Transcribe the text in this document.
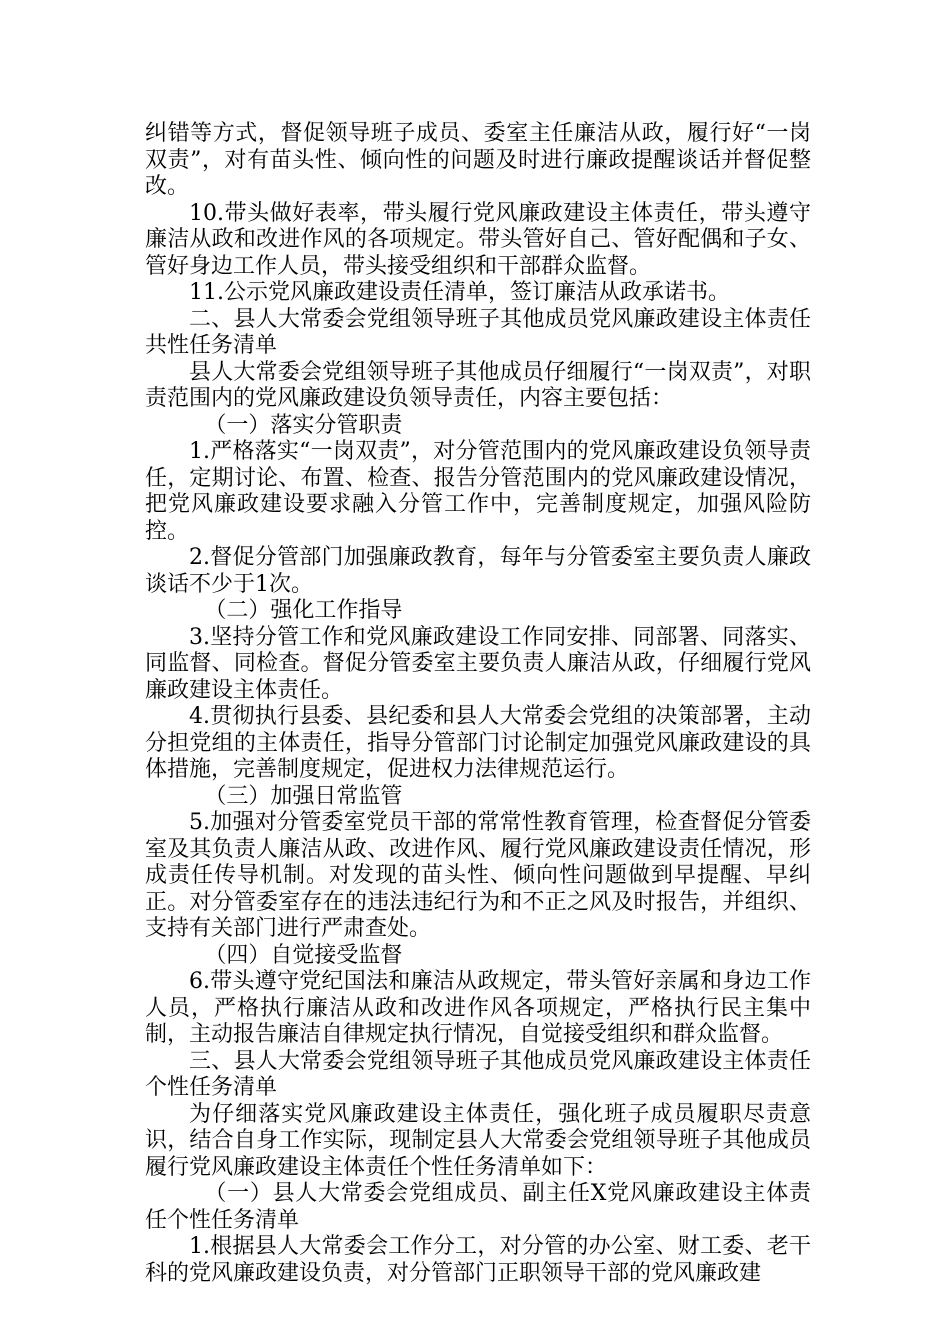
纠错等方式，督促领导班子成员、委室主任廉洁从政，履行好“一岗双责”，对有苗头性、倾向性的问题及时进行廉政提醒谈话并督促整改。

10.带头做好表率，带头履行党风廉政建设主体责任，带头遵守廉洁从政和改进作风的各项规定。带头管好自己、管好配偶和子女、管好身边工作人员，带头接受组织和干部群众监督。

11.公示党风廉政建设责任清单，签订廉洁从政承诺书。

二、县人大常委会党组领导班子其他成员党风廉政建设主体责任共性任务清单

县人大常委会党组领导班子其他成员仔细履行“一岗双责”，对职责范围内的党风廉政建设负领导责任，内容主要包括：

（一）落实分管职责

1.严格落实“一岗双责”，对分管范围内的党风廉政建设负领导责任，定期讨论、布置、检查、报告分管范围内的党风廉政建设情况，把党风廉政建设要求融入分管工作中，完善制度规定，加强风险防控。

2.督促分管部门加强廉政教育，每年与分管委室主要负责人廉政谈话不少于1次。

（二）强化工作指导

3.坚持分管工作和党风廉政建设工作同安排、同部署、同落实、同监督、同检查。督促分管委室主要负责人廉洁从政，仔细履行党风廉政建设主体责任。

4.贯彻执行县委、县纪委和县人大常委会党组的决策部署，主动分担党组的主体责任，指导分管部门讨论制定加强党风廉政建设的具体措施，完善制度规定，促进权力法律规范运行。

（三）加强日常监管

5.加强对分管委室党员干部的常常性教育管理，检查督促分管委室及其负责人廉洁从政、改进作风、履行党风廉政建设责任情况，形成责任传导机制。对发现的苗头性、倾向性问题做到早提醒、早纠正。对分管委室存在的违法违纪行为和不正之风及时报告，并组织、支持有关部门进行严肃查处。

（四）自觉接受监督

6.带头遵守党纪国法和廉洁从政规定，带头管好亲属和身边工作人员，严格执行廉洁从政和改进作风各项规定，严格执行民主集中制，主动报告廉洁自律规定执行情况，自觉接受组织和群众监督。

三、县人大常委会党组领导班子其他成员党风廉政建设主体责任个性任务清单

为仔细落实党风廉政建设主体责任，强化班子成员履职尽责意识，结合自身工作实际，现制定县人大常委会党组领导班子其他成员履行党风廉政建设主体责任个性任务清单如下：

（一）县人大常委会党组成员、副主任X党风廉政建设主体责任个性任务清单

1.根据县人大常委会工作分工，对分管的办公室、财工委、老干科的党风廉政建设负责，对分管部门正职领导干部的党风廉政建
